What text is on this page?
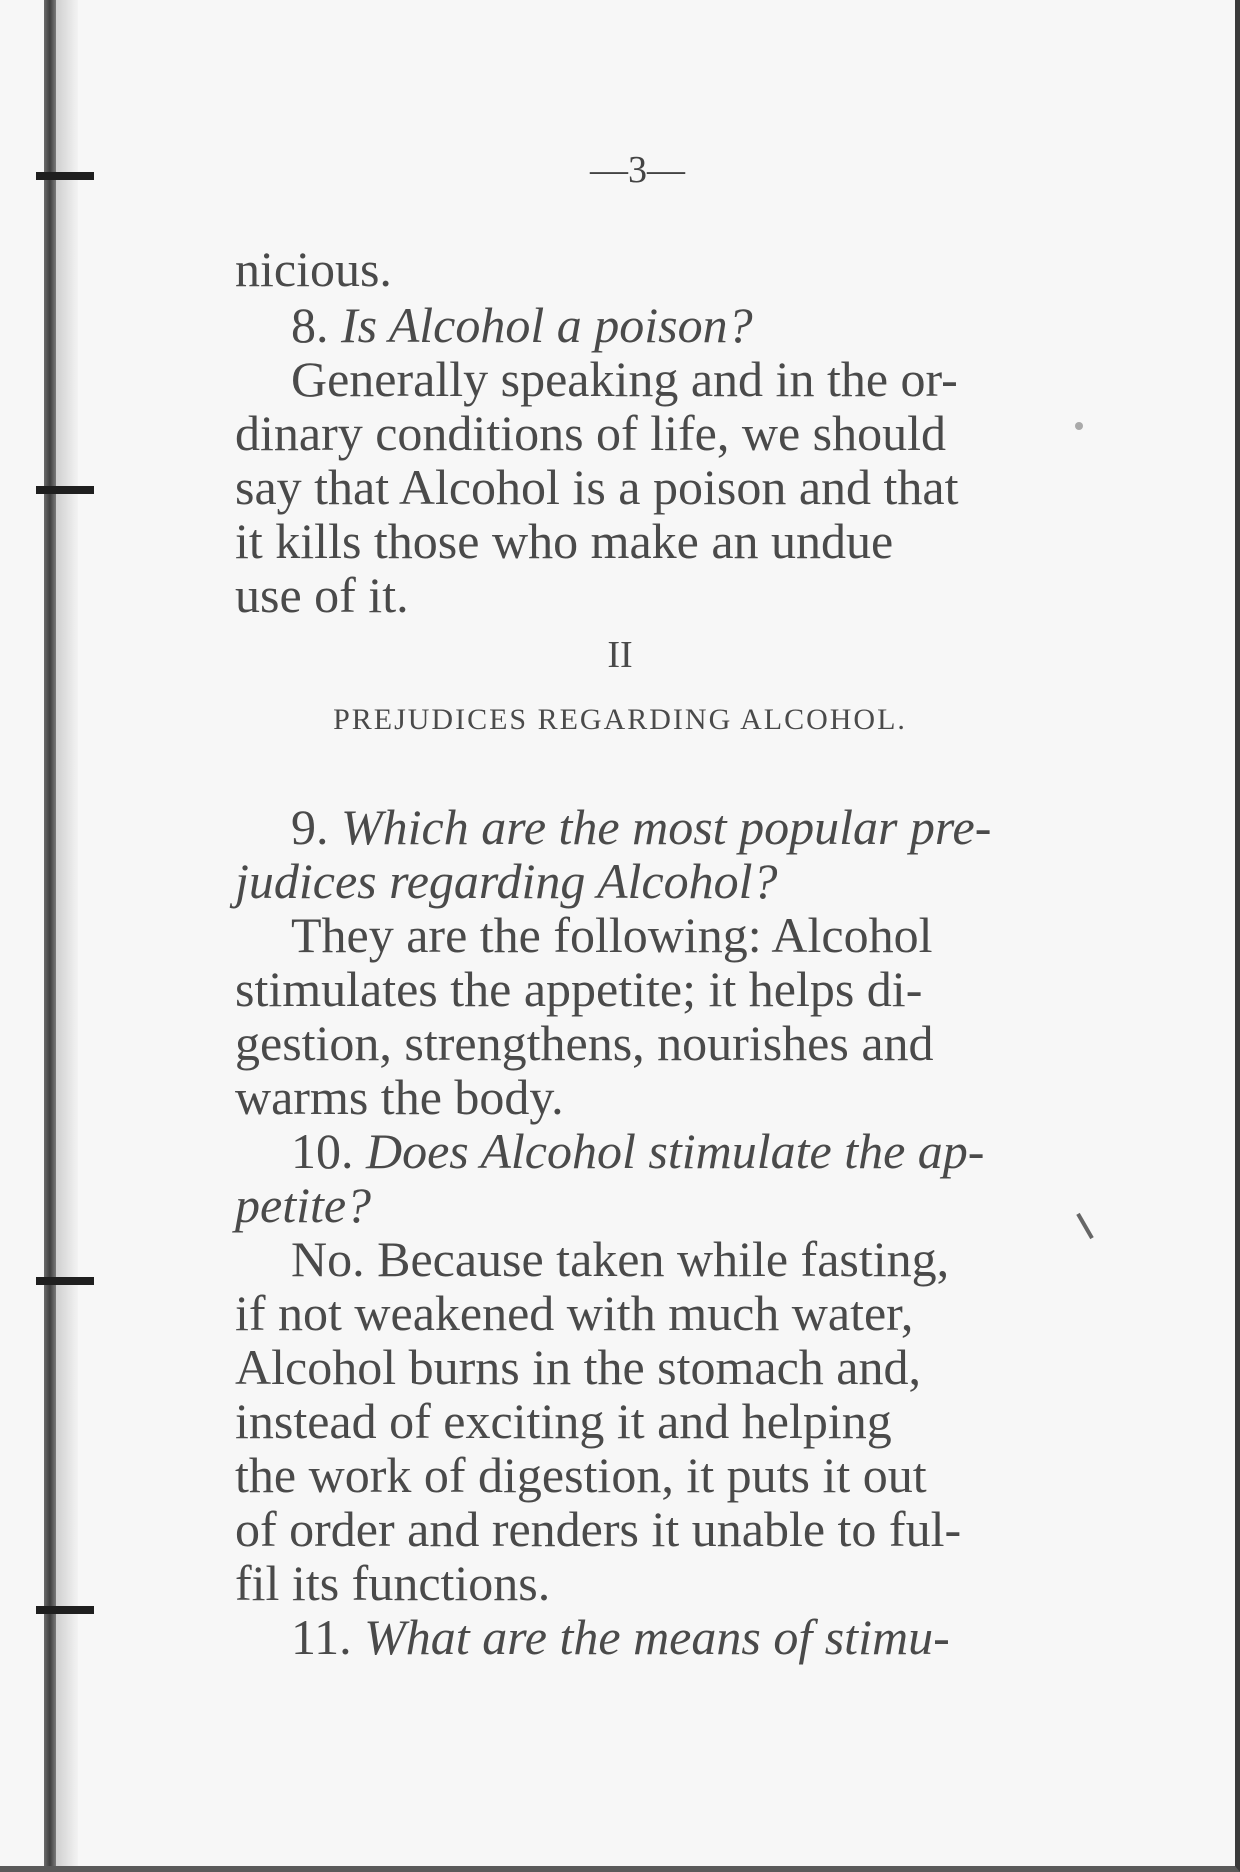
—3—
nicious.
8. Is Alcohol a poison?
Generally speaking and in the or-
dinary conditions of life, we should
say that Alcohol is a poison and that
it kills those who make an undue
use of it.
9. Which are the most popular pre-
judices regarding Alcohol?
They are the following: Alcohol
stimulates the appetite; it helps di-
gestion, strengthens, nourishes and
warms the body.
10. Does Alcohol stimulate the ap-
petite?
No. Because taken while fasting,
if not weakened with much water,
Alcohol burns in the stomach and,
instead of exciting it and helping
the work of digestion, it puts it out
of order and renders it unable to ful-
fil its functions.
11. What are the means of stimu-
II
PREJUDICES REGARDING ALCOHOL.
